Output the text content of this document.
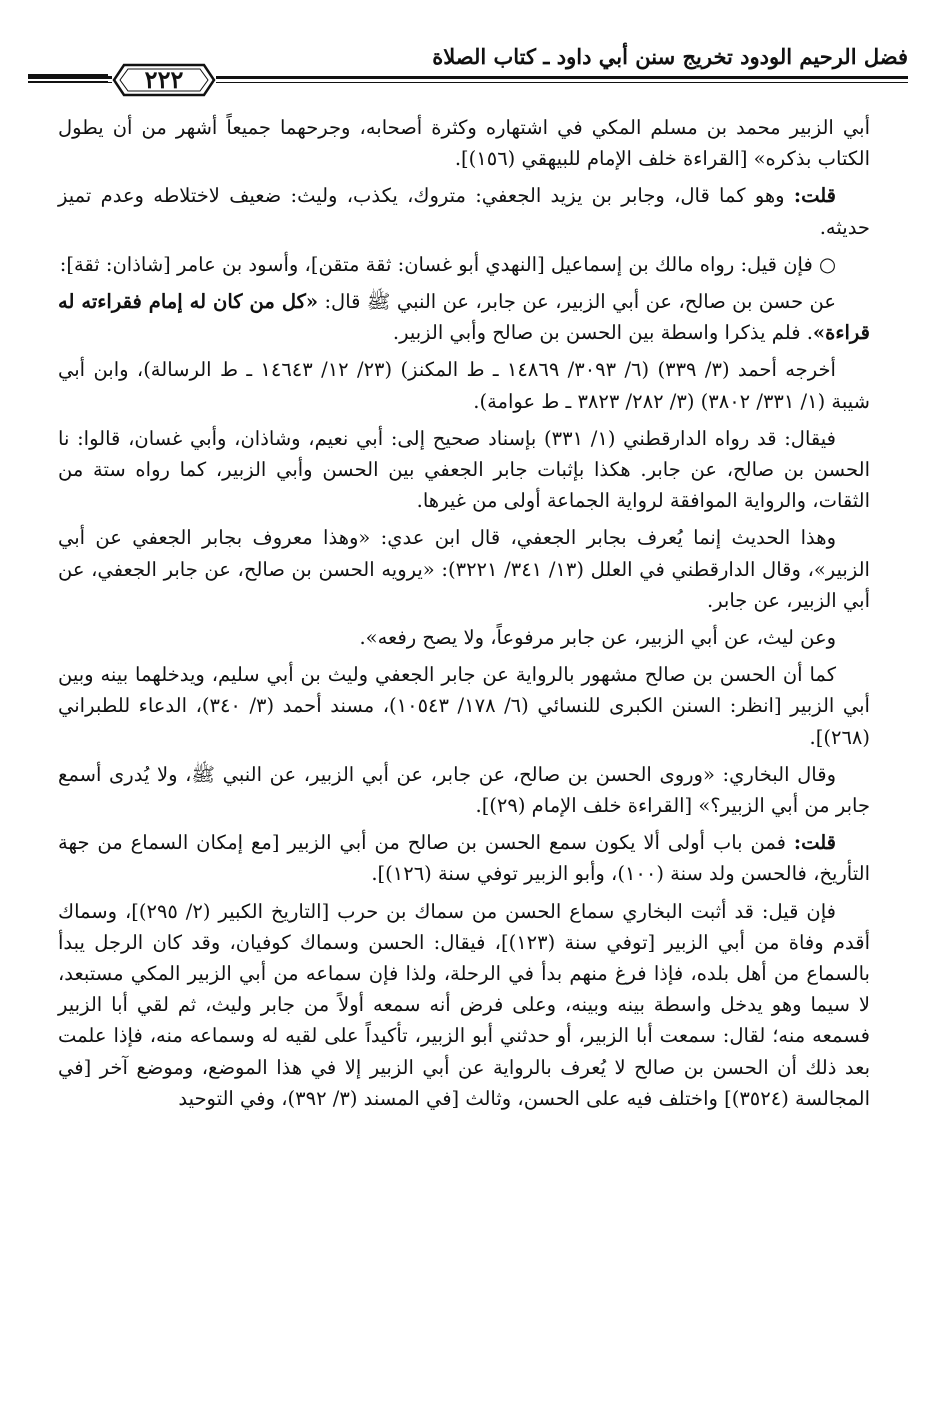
فضل الرحيم الودود تخريج سنن أبي داود ـ كتاب الصلاة
٢٢٢

أبي الزبير محمد بن مسلم المكي في اشتهاره وكثرة أصحابه، وجرحهما جميعاً أشهر من أن يطول الكتاب بذكره» [القراءة خلف الإمام للبيهقي (١٥٦)].

قلت: وهو كما قال، وجابر بن يزيد الجعفي: متروك، يكذب، وليث: ضعيف لاختلاطه وعدم تميز حديثه.

○ فإن قيل: رواه مالك بن إسماعيل [النهدي أبو غسان: ثقة متقن]، وأسود بن عامر [شاذان: ثقة]:

عن حسن بن صالح، عن أبي الزبير، عن جابر، عن النبي ﷺ قال: «كل من كان له إمام فقراءته له قراءة». فلم يذكرا واسطة بين الحسن بن صالح وأبي الزبير.

أخرجه أحمد (٣/ ٣٣٩) (٦/ ٣٠٩٣/ ١٤٨٦٩ ـ ط المكنز) (٢٣/ ١٢/ ١٤٦٤٣ ـ ط الرسالة)، وابن أبي شيبة (١/ ٣٣١/ ٣٨٠٢) (٣/ ٢٨٢/ ٣٨٢٣ ـ ط عوامة).

فيقال: قد رواه الدارقطني (١/ ٣٣١) بإسناد صحيح إلى: أبي نعيم، وشاذان، وأبي غسان، قالوا: نا الحسن بن صالح، عن جابر. هكذا بإثبات جابر الجعفي بين الحسن وأبي الزبير، كما رواه ستة من الثقات، والرواية الموافقة لرواية الجماعة أولى من غيرها.

وهذا الحديث إنما يُعرف بجابر الجعفي، قال ابن عدي: «وهذا معروف بجابر الجعفي عن أبي الزبير»، وقال الدارقطني في العلل (١٣/ ٣٤١/ ٣٢٢١): «يرويه الحسن بن صالح، عن جابر الجعفي، عن أبي الزبير، عن جابر.

وعن ليث، عن أبي الزبير، عن جابر مرفوعاً، ولا يصح رفعه».

كما أن الحسن بن صالح مشهور بالرواية عن جابر الجعفي وليث بن أبي سليم، ويدخلهما بينه وبين أبي الزبير [انظر: السنن الكبرى للنسائي (٦/ ١٧٨/ ١٠٥٤٣)، مسند أحمد (٣/ ٣٤٠)، الدعاء للطبراني (٢٦٨)].

وقال البخاري: «وروى الحسن بن صالح، عن جابر، عن أبي الزبير، عن النبي ﷺ، ولا يُدرى أسمع جابر من أبي الزبير؟» [القراءة خلف الإمام (٢٩)].

قلت: فمن باب أولى ألا يكون سمع الحسن بن صالح من أبي الزبير [مع إمكان السماع من جهة التأريخ، فالحسن ولد سنة (١٠٠)، وأبو الزبير توفي سنة (١٢٦)].

فإن قيل: قد أثبت البخاري سماع الحسن من سماك بن حرب [التاريخ الكبير (٢/ ٢٩٥)]، وسماك أقدم وفاة من أبي الزبير [توفي سنة (١٢٣)]، فيقال: الحسن وسماك كوفيان، وقد كان الرجل يبدأ بالسماع من أهل بلده، فإذا فرغ منهم بدأ في الرحلة، ولذا فإن سماعه من أبي الزبير المكي مستبعد، لا سيما وهو يدخل واسطة بينه وبينه، وعلى فرض أنه سمعه أولاً من جابر وليث، ثم لقي أبا الزبير فسمعه منه؛ لقال: سمعت أبا الزبير، أو حدثني أبو الزبير، تأكيداً على لقيه له وسماعه منه، فإذا علمت بعد ذلك أن الحسن بن صالح لا يُعرف بالرواية عن أبي الزبير إلا في هذا الموضع، وموضع آخر [في المجالسة (٣٥٢٤)] واختلف فيه على الحسن، وثالث [في المسند (٣/ ٣٩٢)، وفي التوحيد
